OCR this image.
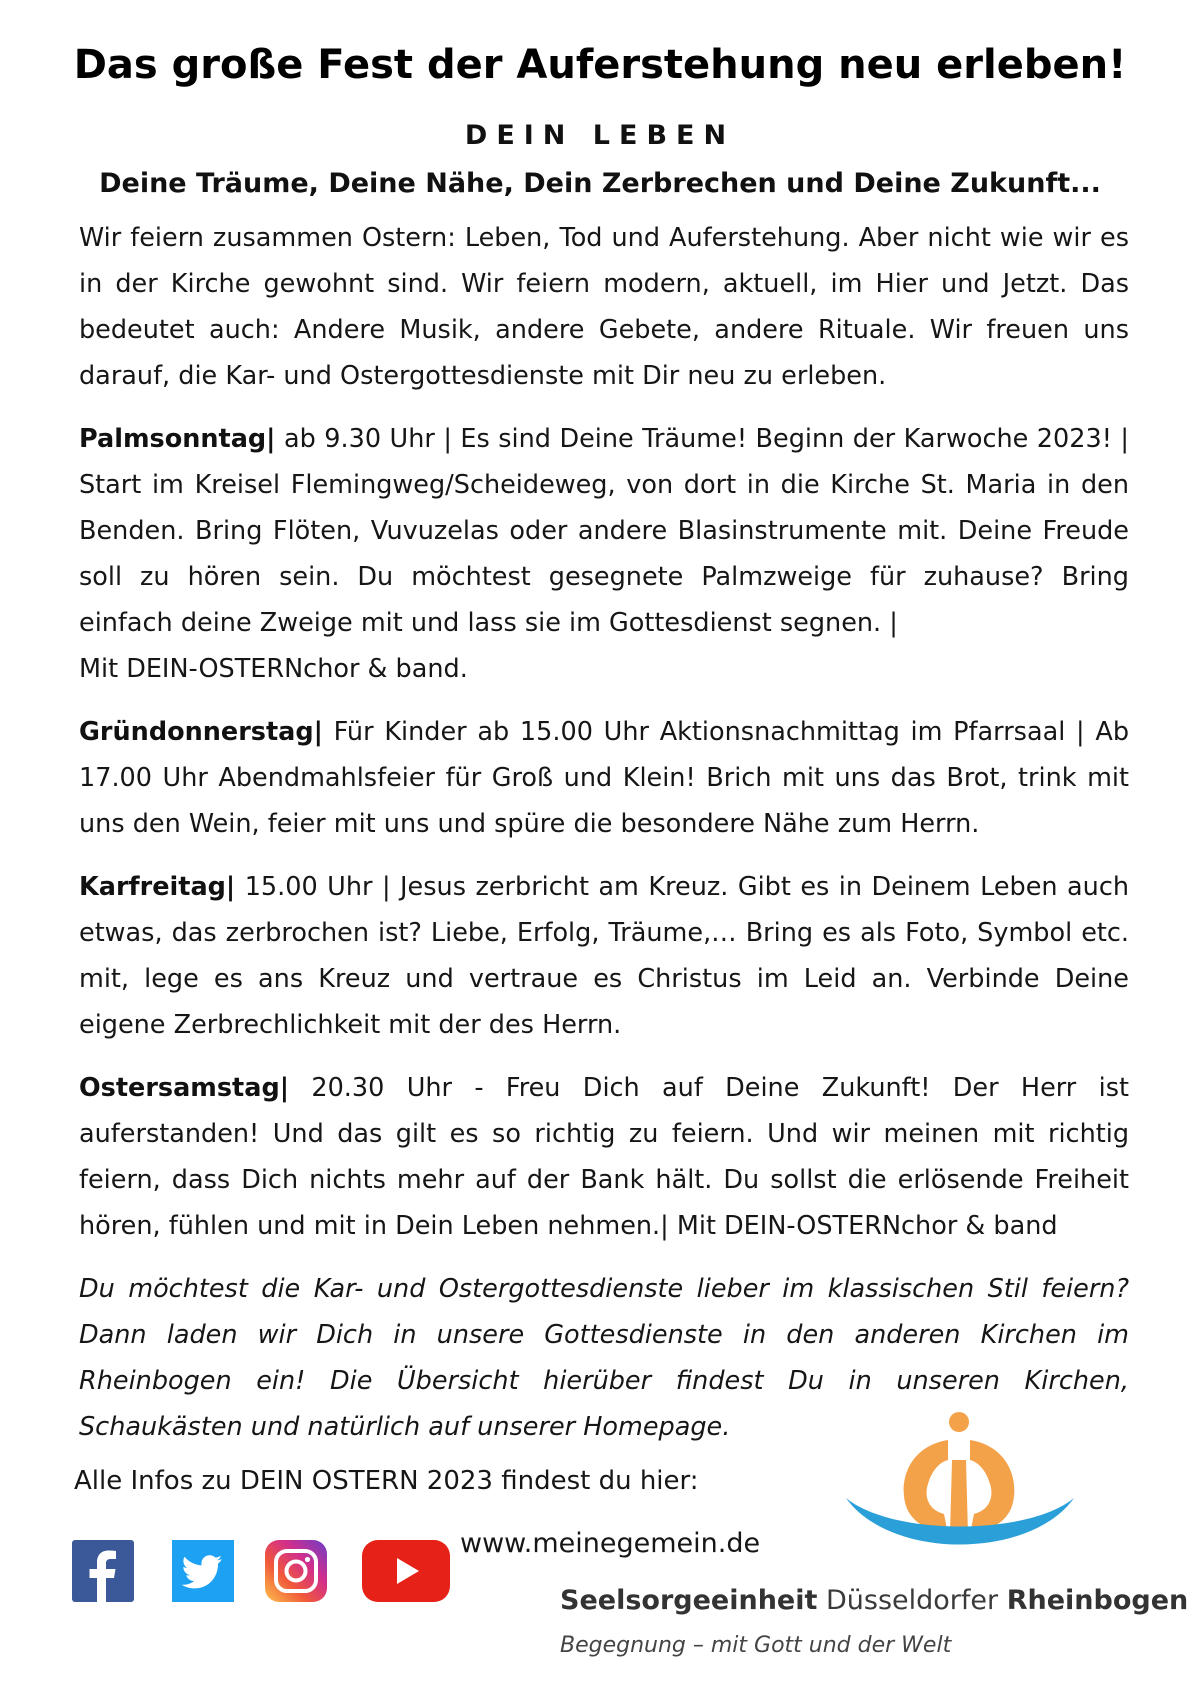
Das große Fest der Auferstehung neu erleben!
DEIN LEBEN
Deine Träume, Deine Nähe, Dein Zerbrechen und Deine Zukunft...

Wir feiern zusammen Ostern: Leben, Tod und Auferstehung. Aber nicht wie wir es in der Kirche gewohnt sind. Wir feiern modern, aktuell, im Hier und Jetzt. Das bedeutet auch: Andere Musik, andere Gebete, andere Rituale. Wir freuen uns darauf, die Kar- und Ostergottesdienste mit Dir neu zu erleben.

Palmsonntag| ab 9.30 Uhr | Es sind Deine Träume! Beginn der Karwoche 2023! | Start im Kreisel Flemingweg/Scheideweg, von dort in die Kirche St. Maria in den Benden. Bring Flöten, Vuvuzelas oder andere Blasinstrumente mit. Deine Freude soll zu hören sein. Du möchtest gesegnete Palmzweige für zuhause? Bring einfach deine Zweige mit und lass sie im Gottesdienst segnen. |
Mit DEIN-OSTERNchor & band.

Gründonnerstag| Für Kinder ab 15.00 Uhr Aktionsnachmittag im Pfarrsaal | Ab 17.00 Uhr Abendmahlsfeier für Groß und Klein! Brich mit uns das Brot, trink mit uns den Wein, feier mit uns und spüre die besondere Nähe zum Herrn.

Karfreitag| 15.00 Uhr | Jesus zerbricht am Kreuz. Gibt es in Deinem Leben auch etwas, das zerbrochen ist? Liebe, Erfolg, Träume,… Bring es als Foto, Symbol etc. mit, lege es ans Kreuz und vertraue es Christus im Leid an. Verbinde Deine eigene Zerbrechlichkeit mit der des Herrn.

Ostersamstag| 20.30 Uhr - Freu Dich auf Deine Zukunft! Der Herr ist auferstanden! Und das gilt es so richtig zu feiern. Und wir meinen mit richtig feiern, dass Dich nichts mehr auf der Bank hält. Du sollst die erlösende Freiheit hören, fühlen und mit in Dein Leben nehmen.| Mit DEIN-OSTERNchor & band

Du möchtest die Kar- und Ostergottesdienste lieber im klassischen Stil feiern? Dann laden wir Dich in unsere Gottesdienste in den anderen Kirchen im Rheinbogen ein! Die Übersicht hierüber findest Du in unseren Kirchen, Schaukästen und natürlich auf unserer Homepage.

Alle Infos zu DEIN OSTERN 2023 findest du hier:
www.meinegemein.de
Seelsorgeeinheit Düsseldorfer Rheinbogen
Begegnung – mit Gott und der Welt
